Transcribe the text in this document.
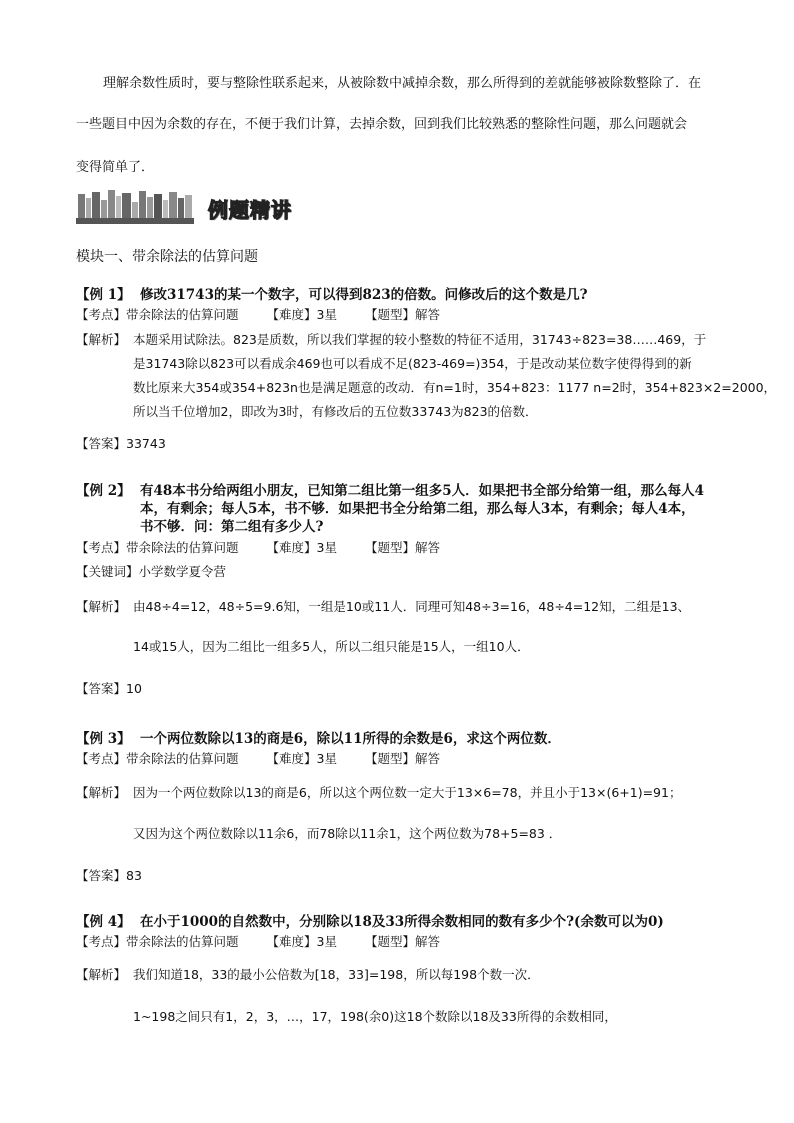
理解余数性质时，要与整除性联系起来，从被除数中减掉余数，那么所得到的差就能够被除数整除了．在
一些题目中因为余数的存在，不便于我们计算，去掉余数，回到我们比较熟悉的整除性问题，那么问题就会
变得简单了．
例题精讲
模块一、带余除法的估算问题
【例 1】 修改31743的某一个数字，可以得到823的倍数。问修改后的这个数是几?
【考点】带余除法的估算问题 【难度】3星 【题型】解答
【解析】 本题采用试除法。823是质数，所以我们掌握的较小整数的特征不适用，31743÷823=38……469，于
是31743除以823可以看成余469也可以看成不足(823-469=)354，于是改动某位数字使得得到的新
数比原来大354或354+823n也是满足题意的改动．有n=1时，354+823：1177 n=2时，354+823×2=2000，
所以当千位增加2，即改为3时，有修改后的五位数33743为823的倍数．
【答案】33743
【例 2】 有48本书分给两组小朋友，已知第二组比第一组多5人．如果把书全部分给第一组，那么每人4
本，有剩余；每人5本，书不够．如果把书全分给第二组，那么每人3本，有剩余；每人4本，
书不够．问：第二组有多少人?
【考点】带余除法的估算问题 【难度】3星 【题型】解答
【关键词】小学数学夏令营
【解析】 由48÷4=12，48÷5=9.6知，一组是10或11人．同理可知48÷3=16，48÷4=12知，二组是13、
14或15人，因为二组比一组多5人，所以二组只能是15人，一组10人．
【答案】10
【例 3】 一个两位数除以13的商是6，除以11所得的余数是6，求这个两位数．
【考点】带余除法的估算问题 【难度】3星 【题型】解答
【解析】 因为一个两位数除以13的商是6，所以这个两位数一定大于13×6=78，并且小于13×(6+1)=91；
又因为这个两位数除以11余6，而78除以11余1，这个两位数为78+5=83 ．
【答案】83
【例 4】 在小于1000的自然数中，分别除以18及33所得余数相同的数有多少个?(余数可以为0)
【考点】带余除法的估算问题 【难度】3星 【题型】解答
【解析】 我们知道18，33的最小公倍数为[18，33]=198，所以每198个数一次．
1~198之间只有1，2，3，…，17，198(余0)这18个数除以18及33所得的余数相同，
